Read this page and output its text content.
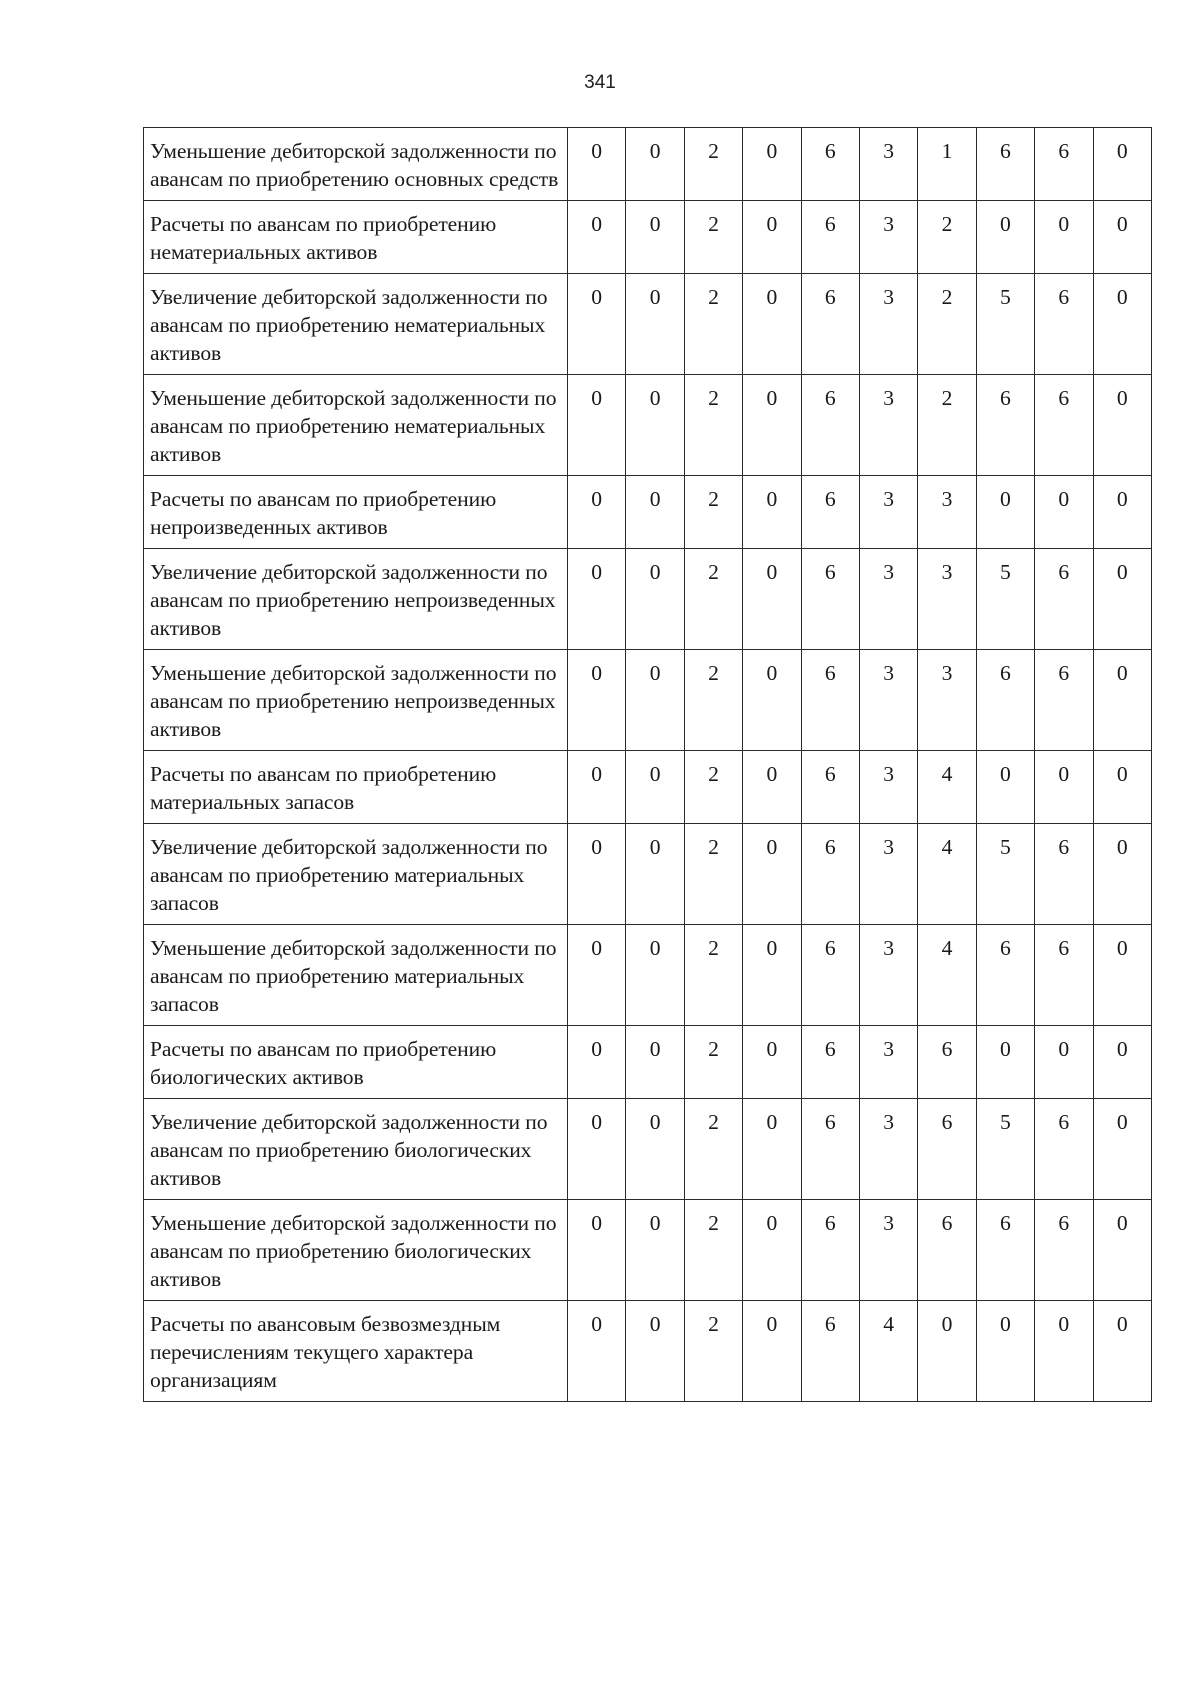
341
Уменьшение дебиторской задолженности по авансам по приобретению основных средств	0	0	2	0	6	3	1	6	6	0
Расчеты по авансам по приобретению нематериальных активов	0	0	2	0	6	3	2	0	0	0
Увеличение дебиторской задолженности по авансам по приобретению нематериальных активов	0	0	2	0	6	3	2	5	6	0
Уменьшение дебиторской задолженности по авансам по приобретению нематериальных активов	0	0	2	0	6	3	2	6	6	0
Расчеты по авансам по приобретению непроизведенных активов	0	0	2	0	6	3	3	0	0	0
Увеличение дебиторской задолженности по авансам по приобретению непроизведенных активов	0	0	2	0	6	3	3	5	6	0
Уменьшение дебиторской задолженности по авансам по приобретению непроизведенных активов	0	0	2	0	6	3	3	6	6	0
Расчеты по авансам по приобретению материальных запасов	0	0	2	0	6	3	4	0	0	0
Увеличение дебиторской задолженности по авансам по приобретению материальных запасов	0	0	2	0	6	3	4	5	6	0
Уменьшение дебиторской задолженности по авансам по приобретению материальных запасов	0	0	2	0	6	3	4	6	6	0
Расчеты по авансам по приобретению биологических активов	0	0	2	0	6	3	6	0	0	0
Увеличение дебиторской задолженности по авансам по приобретению биологических активов	0	0	2	0	6	3	6	5	6	0
Уменьшение дебиторской задолженности по авансам по приобретению биологических активов	0	0	2	0	6	3	6	6	6	0
Расчеты по авансовым безвозмездным перечислениям текущего характера организациям	0	0	2	0	6	4	0	0	0	0
